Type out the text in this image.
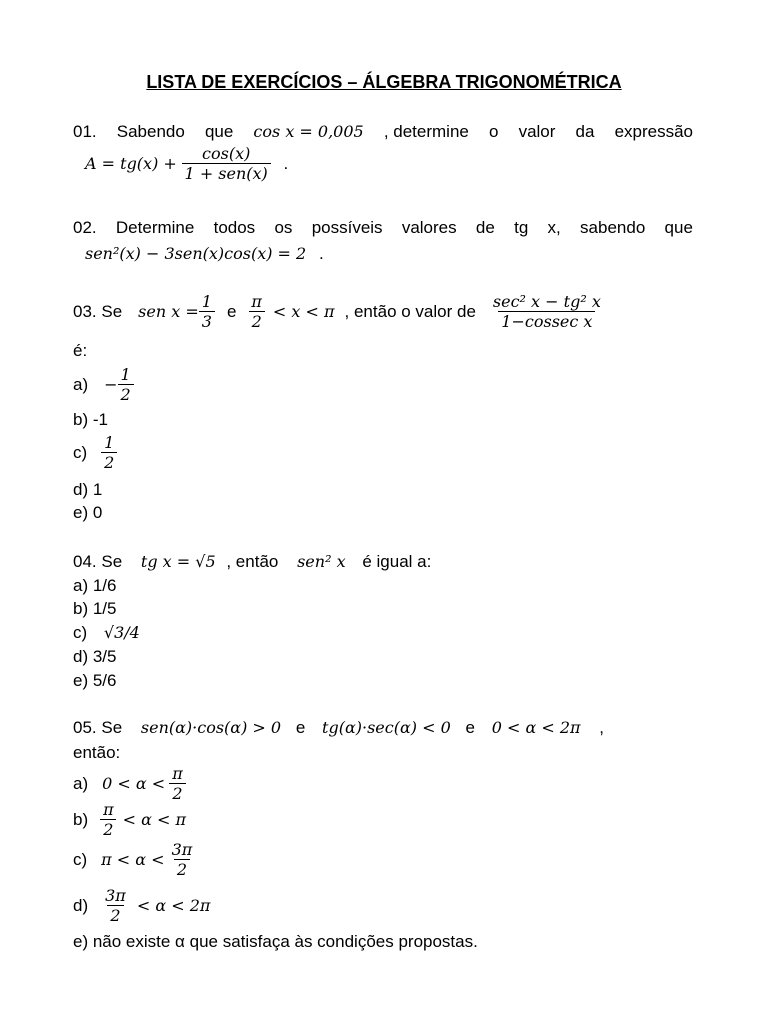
LISTA DE EXERCÍCIOS – ÁLGEBRA TRIGONOMÉTRICA
01. Sabendo que cos x = 0,005 , determine o valor da expressão
$A = tg(x) + \frac{\cos(x)}{\text{1 + sen(x)}}$ .
02. Determine todos os possíveis valores de tg x, sabendo que
sen²(x) − 3sen(x)cos(x) = 2 .
03. Se sen $x = \frac{1}{3}$ e $\frac{\pi}{2} < x < \pi$ , então o valor de $\frac{\text{sec² x − tg² x}}{\text{1−cossec x}}$
é:
$a) - \frac{1}{2}$
b) -1
$c) \frac{1}{2}$
d) 1
e) 0
04. Se tg x = √5 , então sen² x é igual a:
a) 1/6
b) 1/5
c) √3/4
d) 3/5
e) 5/6
05. Se sen(α)·cos(α) > 0 e tg(α)·sec(α) < 0 e 0 < α < 2π ,
então:
a) $0 < \alpha < \frac{\pi}{2}$
$b) \frac{\pi}{2} < \alpha < \pi$
c) $\pi < \alpha < \frac{3\pi}{2}$
$d) \frac{3\pi}{2} < \alpha < 2\pi$
e) não existe α que satisfaça às condições propostas.
